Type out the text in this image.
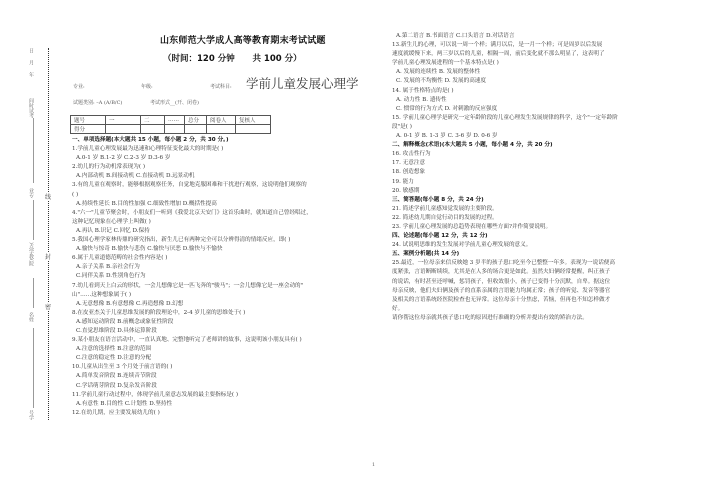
日
月
年
间时试考
业专
)点学教(院
名姓
号学
线
封
密
山东师范大学成人高等教育期末考试试题
（时间：120 分钟      共 100 分）
专业:	年级:	考试科目: 学前儿童发展心理学
试题类别: –A (A/B/C)	考试形式__(开、闭卷)
题号	一	二	……	总分	阅卷人	复核人
得分						
一、单项选择题(本大题共 15 小题，每小题 2 分，共 30 分。)
1.学前儿童心理发展最为迅速和心理特征变化最大的时期是( )
A.0-1 岁 B.1-2 岁 C.2-3 岁 D.3-6 岁
2.幼儿的行为动机常表现为( )
A.内部动机 B.间接动机 C.直接动机 D.远景动机
3.有的儿童在观察时，能够根据观察任务，自觉地克服困难和干扰进行观察，这说明他们观察的
( )
A.持续性延长 B.目的性加强 C.细致性增加 D.概括性提高
4."六一"儿童节聚会时，小朋友们一听到《我爱北京天安门》这首乐曲时，就知道自己曾经唱过，
这种记忆现象在心理学上叫做( )
A.再认 B.识记 C.回忆 D.保持
5.我国心理学家林传鼎的研究指出，新生儿已有两种完全可以分辨得清的情绪反应，即( )
A.愉快与惊奇 B.愉快与悲伤 C.愉快与厌恶 D.愉快与不愉快
6.属于儿童道德范畴的社会性内容是( )
A.亲子关系 B.亲社会行为
C.同伴关系 D.性别角色行为
7.幼儿看到天上白云的形状，一会儿想像它是一匹飞奔的"骏马"；一会儿想像它是一座会动的"
山"……这种想象属于( )
A.无意想像 B.有意想像 C.再造想像 D.幻想
8.在皮亚杰关于儿童思维发展的阶段理论中，2-4 岁儿童的思维处于( )
A.感知运动阶段 B.前概念或象征性阶段
C.直觉思维阶段 D.具体运算阶段
9.某小朋友在语言活动中，一直认真地、完整地听完了老师讲的故事，这说明该小朋友具有( )
A.注意的选择性 B.注意的范围
C.注意的稳定性 D.注意的分配
10.儿童从出生至 3 个月处于前言语的( )
A.简单发音阶段 B.连续音节阶段
C.学话萌芽阶段 D.复杂发音阶段
11.学前儿童行动过程中，体现学前儿童意志发展的最主要指标是( )
A.有意性 B.目的性 C.计划性 D.坚持性
12.在幼儿期，应主要发展幼儿的( )
A.第二语言 B.书面语言 C.口头语言 D.对话语言
13.新生儿的心理，可以说一周一个样；满月以后，是一月一个样；可是周岁以后发展
速度就缓慢下来，两三岁以后的儿童，相隔一周，前后变化就不那么明显了，这表明了
学前儿童心理发展进程的一个基本特点是( )
A. 发展的连续性 B. 发展的整体性
C. 发展的不均衡性 D. 发展的高速度
14. 属于性格特点的是( )
A. 动力性 B. 遗传性
C. 惯常的行为方式 D. 对刺激的反应强度
15. 学前儿童心理学是研究一定年龄阶段的儿童心理发生发展规律的科学，这个"一定年龄阶
段"是( )
A. 0-1 岁 B. 1-3 岁 C. 3-6 岁 D. 0-6 岁
二、解释概念(术语)(本大题共 5 小题，每小题 4 分，共 20 分)
16. 攻击性行为
17. 无意注意
18. 创造想象
19. 能力
20. 敏感期
三、简答题(每小题 8 分，共 24 分)
21. 简述学前儿童感知觉发展的主要阶段。
22. 简述幼儿期自觉行动目的发展的过程。
23. 学前儿童心理发展的总趋势表现在哪些方面?并作简要说明。
四、论述题(每小题 12 分，共 12 分)
24. 试说明思维的发生发展对学前儿童心理发展的意义。
五、案例分析题(共 14 分)
25.最近，一位母亲来信反映她 3 岁半的孩子患口吃至今已整整一年多。表现为一说话便高
度紧张，言语断断续续，尤其是在人多的场合更是如此。虽然夫妇俩经常提醒，纠正孩子
的说话，有时甚至还呼喊，惩罚孩子，但收效很小，孩子已变得十分沉默，自卑。据这位
母亲反映，他们夫妇俩及孩子的直系亲属的言语能力均属正常；孩子的听觉、发音等器官
及相关的言语系统经医院检查也无异常。这位母亲十分焦虑，苦恼，但再也不知怎样做才
好。
请你帮这位母亲就其孩子患口吃的原因进行准确的分析并提出有效的矫治方法。
1
